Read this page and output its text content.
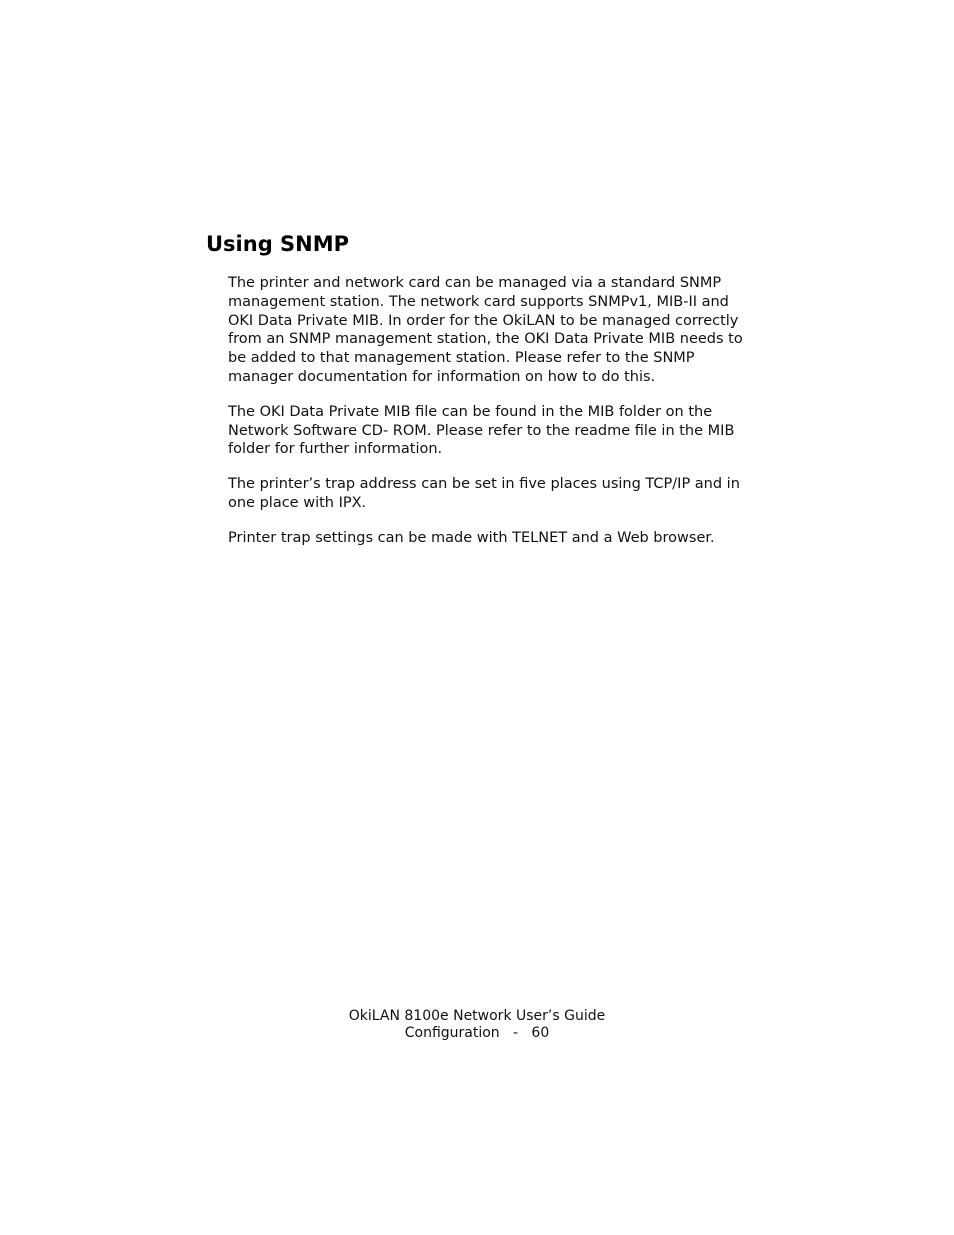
Using SNMP

The printer and network card can be managed via a standard SNMP management station. The network card supports SNMPv1, MIB-II and OKI Data Private MIB. In order for the OkiLAN to be managed correctly from an SNMP management station, the OKI Data Private MIB needs to be added to that management station. Please refer to the SNMP manager documentation for information on how to do this.

The OKI Data Private MIB file can be found in the MIB folder on the Network Software CD- ROM. Please refer to the readme file in the MIB folder for further information.

The printer’s trap address can be set in five places using TCP/IP and in one place with IPX.

Printer trap settings can be made with TELNET and a Web browser.

OkiLAN 8100e Network User’s Guide
Configuration   -   60
